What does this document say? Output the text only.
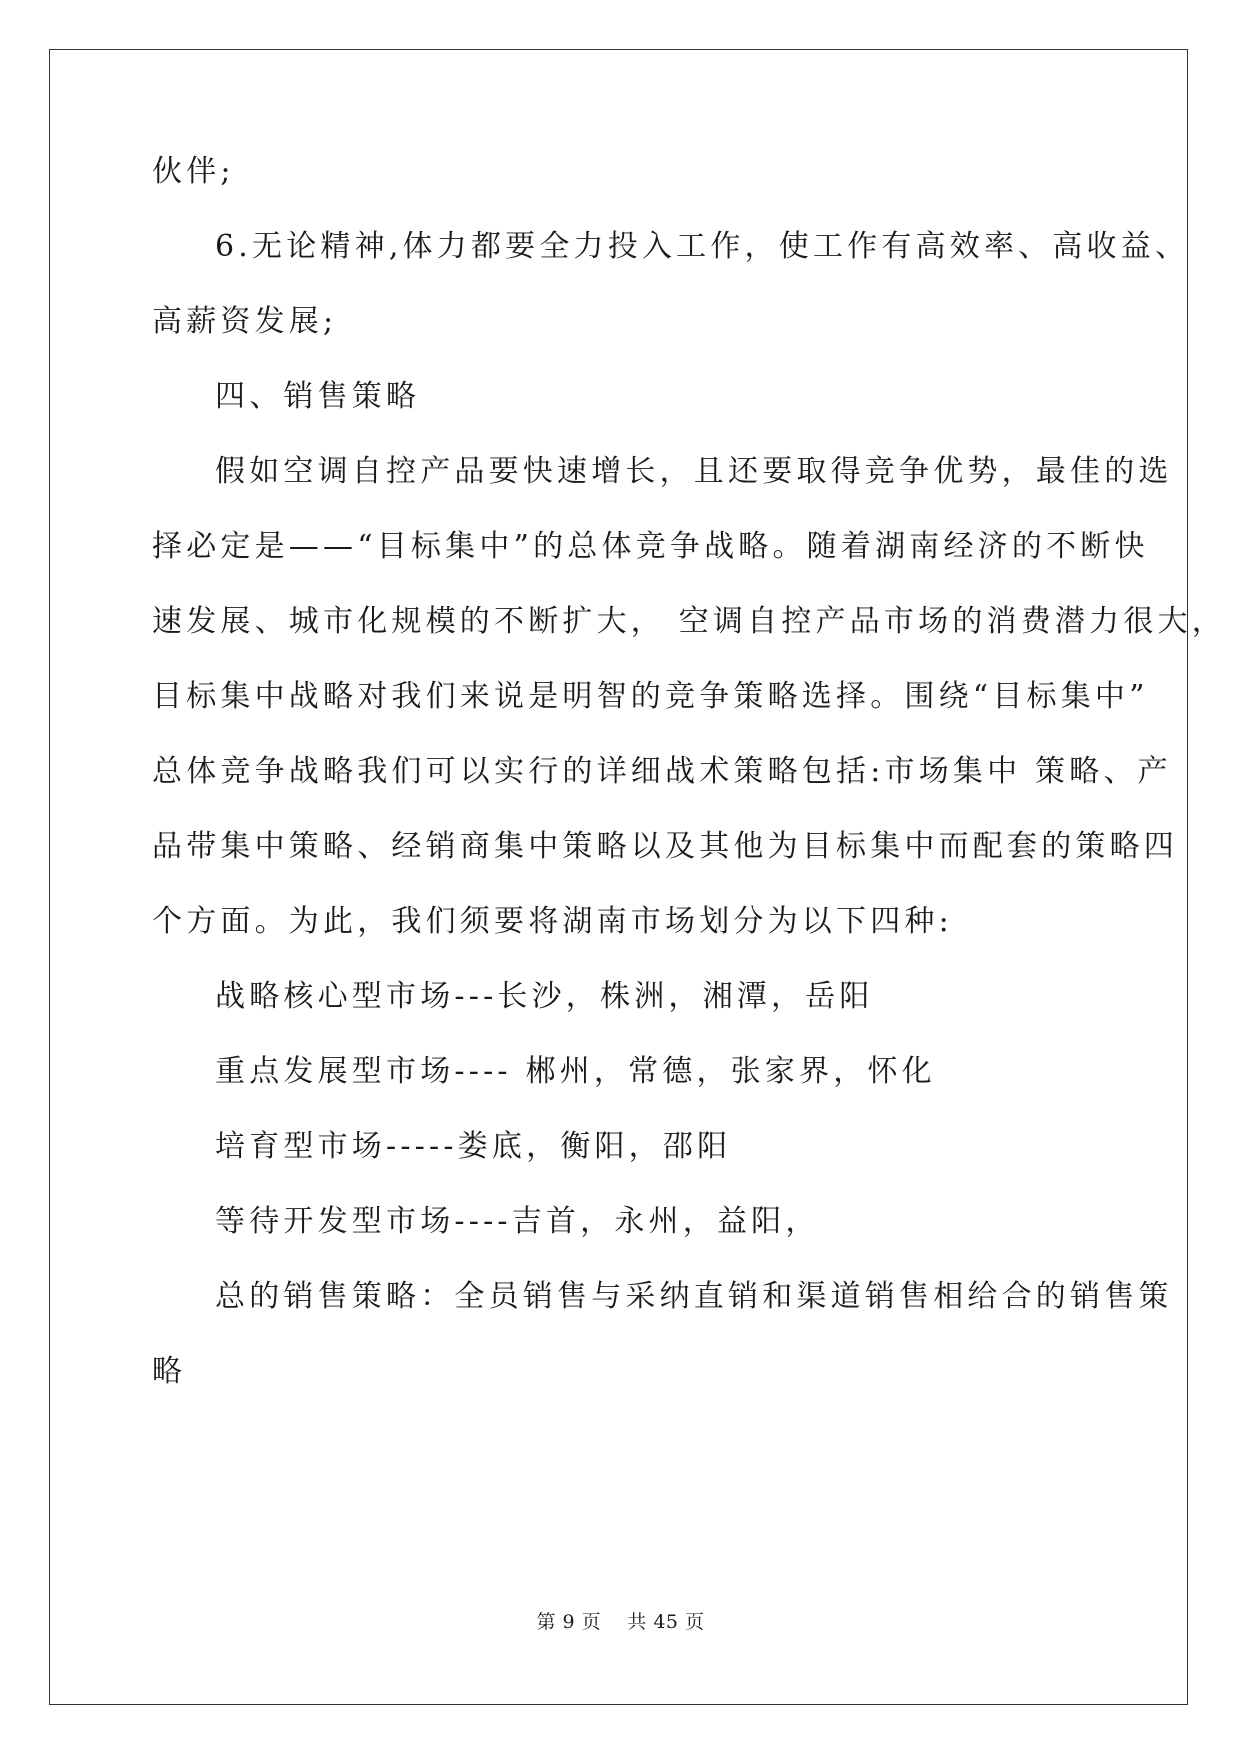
伙伴;
6.无论精神,体力都要全力投入工作，使工作有高效率、高收益、
高薪资发展;
四、销售策略
假如空调自控产品要快速增长，且还要取得竞争优势，最佳的选
择必定是——“目标集中”的总体竞争战略。随着湖南经济的不断快
速发展、城市化规模的不断扩大， 空调自控产品市场的消费潜力很大，
目标集中战略对我们来说是明智的竞争策略选择。围绕“目标集中”
总体竞争战略我们可以实行的详细战术策略包括:市场集中 策略、产
品带集中策略、经销商集中策略以及其他为目标集中而配套的策略四
个方面。为此，我们须要将湖南市场划分为以下四种:
战略核心型市场---长沙，株洲，湘潭，岳阳
重点发展型市场---- 郴州，常德，张家界，怀化
培育型市场-----娄底，衡阳，邵阳
等待开发型市场----吉首，永州，益阳，
总的销售策略：全员销售与采纳直销和渠道销售相给合的销售策
略
第 9 页    共 45 页
